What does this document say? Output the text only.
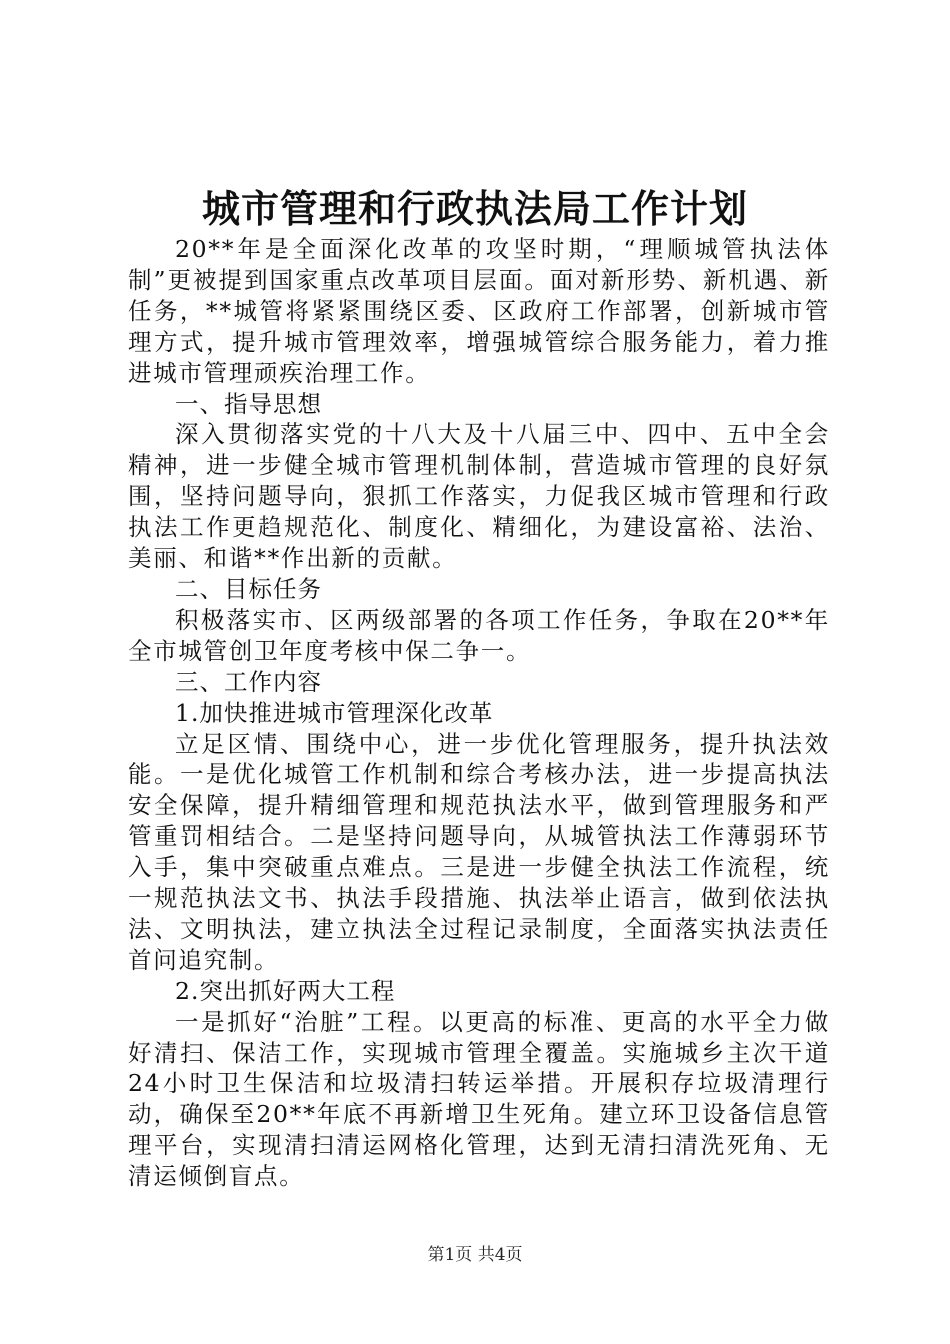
城市管理和行政执法局工作计划

20**年是全面深化改革的攻坚时期，“理顺城管执法体制”更被提到国家重点改革项目层面。面对新形势、新机遇、新任务，**城管将紧紧围绕区委、区政府工作部署，创新城市管理方式，提升城市管理效率，增强城管综合服务能力，着力推进城市管理顽疾治理工作。

一、指导思想

深入贯彻落实党的十八大及十八届三中、四中、五中全会精神，进一步健全城市管理机制体制，营造城市管理的良好氛围，坚持问题导向，狠抓工作落实，力促我区城市管理和行政执法工作更趋规范化、制度化、精细化，为建设富裕、法治、美丽、和谐**作出新的贡献。

二、目标任务

积极落实市、区两级部署的各项工作任务，争取在20**年全市城管创卫年度考核中保二争一。

三、工作内容

1.加快推进城市管理深化改革

立足区情、围绕中心，进一步优化管理服务，提升执法效能。一是优化城管工作机制和综合考核办法，进一步提高执法安全保障，提升精细管理和规范执法水平，做到管理服务和严管重罚相结合。二是坚持问题导向，从城管执法工作薄弱环节入手，集中突破重点难点。三是进一步健全执法工作流程，统一规范执法文书、执法手段措施、执法举止语言，做到依法执法、文明执法，建立执法全过程记录制度，全面落实执法责任首问追究制。

2.突出抓好两大工程

一是抓好“治脏”工程。以更高的标准、更高的水平全力做好清扫、保洁工作，实现城市管理全覆盖。实施城乡主次干道24小时卫生保洁和垃圾清扫转运举措。开展积存垃圾清理行动，确保至20**年底不再新增卫生死角。建立环卫设备信息管理平台，实现清扫清运网格化管理，达到无清扫清洗死角、无清运倾倒盲点。

第1页 共4页
